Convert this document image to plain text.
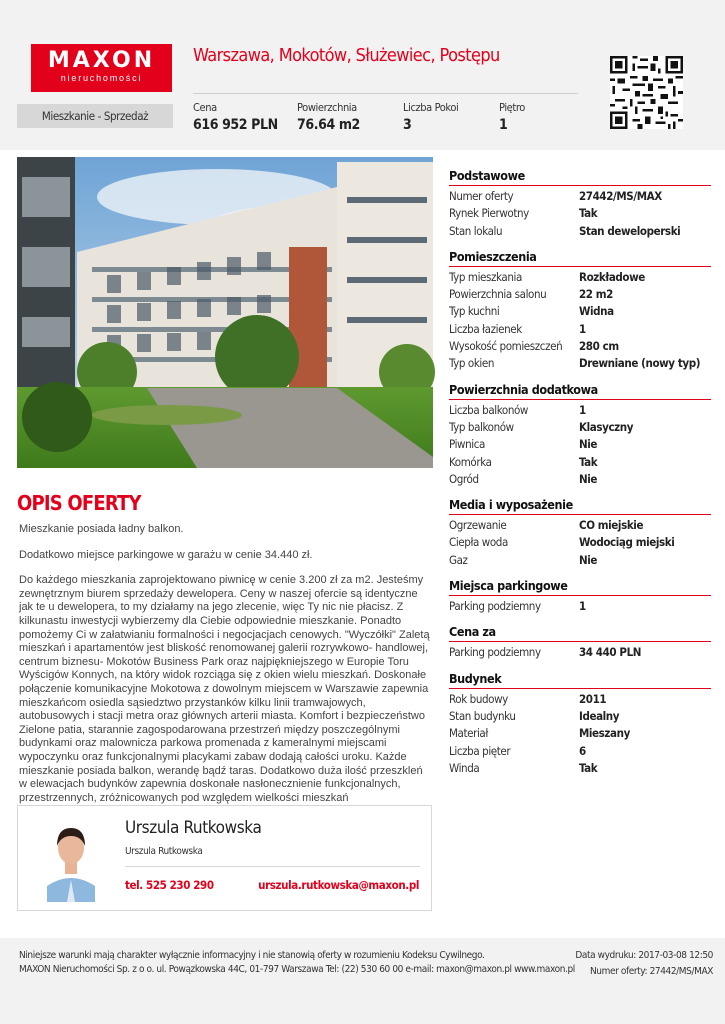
MAXON
nieruchomości
Warszawa, Mokotów, Służewiec, Postępu
Mieszkanie - Sprzedaż
Cena
616 952 PLN
Powierzchnia
76.64 m2
Liczba Pokoi
3
Piętro
1
OPIS OFERTY

Mieszkanie posiada ładny balkon.

Dodatkowo miejsce parkingowe w garażu w cenie 34.440 zł.

Do każdego mieszkania zaprojektowano piwnicę w cenie 3.200 zł za m2. Jesteśmy zewnętrznym biurem sprzedaży dewelopera. Ceny w naszej ofercie są identyczne jak te u dewelopera, to my działamy na jego zlecenie, więc Ty nic nie płacisz. Z kilkunastu inwestycji wybierzemy dla Ciebie odpowiednie mieszkanie. Ponadto pomożemy Ci w załatwianiu formalności i negocjacjach cenowych. "Wyczółki" Zaletą mieszkań i apartamentów jest bliskość renomowanej galerii rozrywkowo- handlowej, centrum biznesu- Mokotów Business Park oraz najpiękniejszego w Europie Toru Wyścigów Konnych, na który widok rozciąga się z okien wielu mieszkań. Doskonałe połączenie komunikacyjne Mokotowa z dowolnym miejscem w Warszawie zapewnia mieszkańcom osiedla sąsiedztwo przystanków kilku linii tramwajowych, autobusowych i stacji metra oraz głównych arterii miasta. Komfort i bezpieczeństwo Zielone patia, starannie zagospodarowana przestrzeń między poszczególnymi budynkami oraz malownicza parkowa promenada z kameralnymi miejscami wypoczynku oraz funkcjonalnymi placykami zabaw dodają całości uroku. Każde mieszkanie posiada balkon, werandę bądź taras. Dodatkowo duża ilość przeszkleń w elewacjach budynków zapewnia doskonałe nasłonecznienie funkcjonalnych, przestrzennych, zróżnicowanych pod względem wielkości mieszkań

Urszula Rutkowska
Urszula Rutkowska
tel. 525 230 290	urszula.rutkowska@maxon.pl
Podstawowe
Numer oferty	27442/MS/MAX
Rynek Pierwotny	Tak
Stan lokalu	Stan deweloperski
Pomieszczenia
Typ mieszkania	Rozkładowe
Powierzchnia salonu	22 m2
Typ kuchni	Widna
Liczba łazienek	1
Wysokość pomieszczeń	280 cm
Typ okien	Drewniane (nowy typ)
Powierzchnia dodatkowa
Liczba balkonów	1
Typ balkonów	Klasyczny
Piwnica	Nie
Komórka	Tak
Ogród	Nie
Media i wyposażenie
Ogrzewanie	CO miejskie
Ciepła woda	Wodociąg miejski
Gaz	Nie
Miejsca parkingowe
Parking podziemny	1
Cena za
Parking podziemny	34 440 PLN
Budynek
Rok budowy	2011
Stan budynku	Idealny
Materiał	Mieszany
Liczba pięter	6
Winda	Tak
Niniejsze warunki mają charakter wyłącznie informacyjny i nie stanowią oferty w rozumieniu Kodeksu Cywilnego.
MAXON Nieruchomości Sp. z o o. ul. Powązkowska 44C, 01-797 Warszawa Tel: (22) 530 60 00 e-mail: maxon@maxon.pl www.maxon.pl
Data wydruku: 2017-03-08 12:50
Numer oferty: 27442/MS/MAX
